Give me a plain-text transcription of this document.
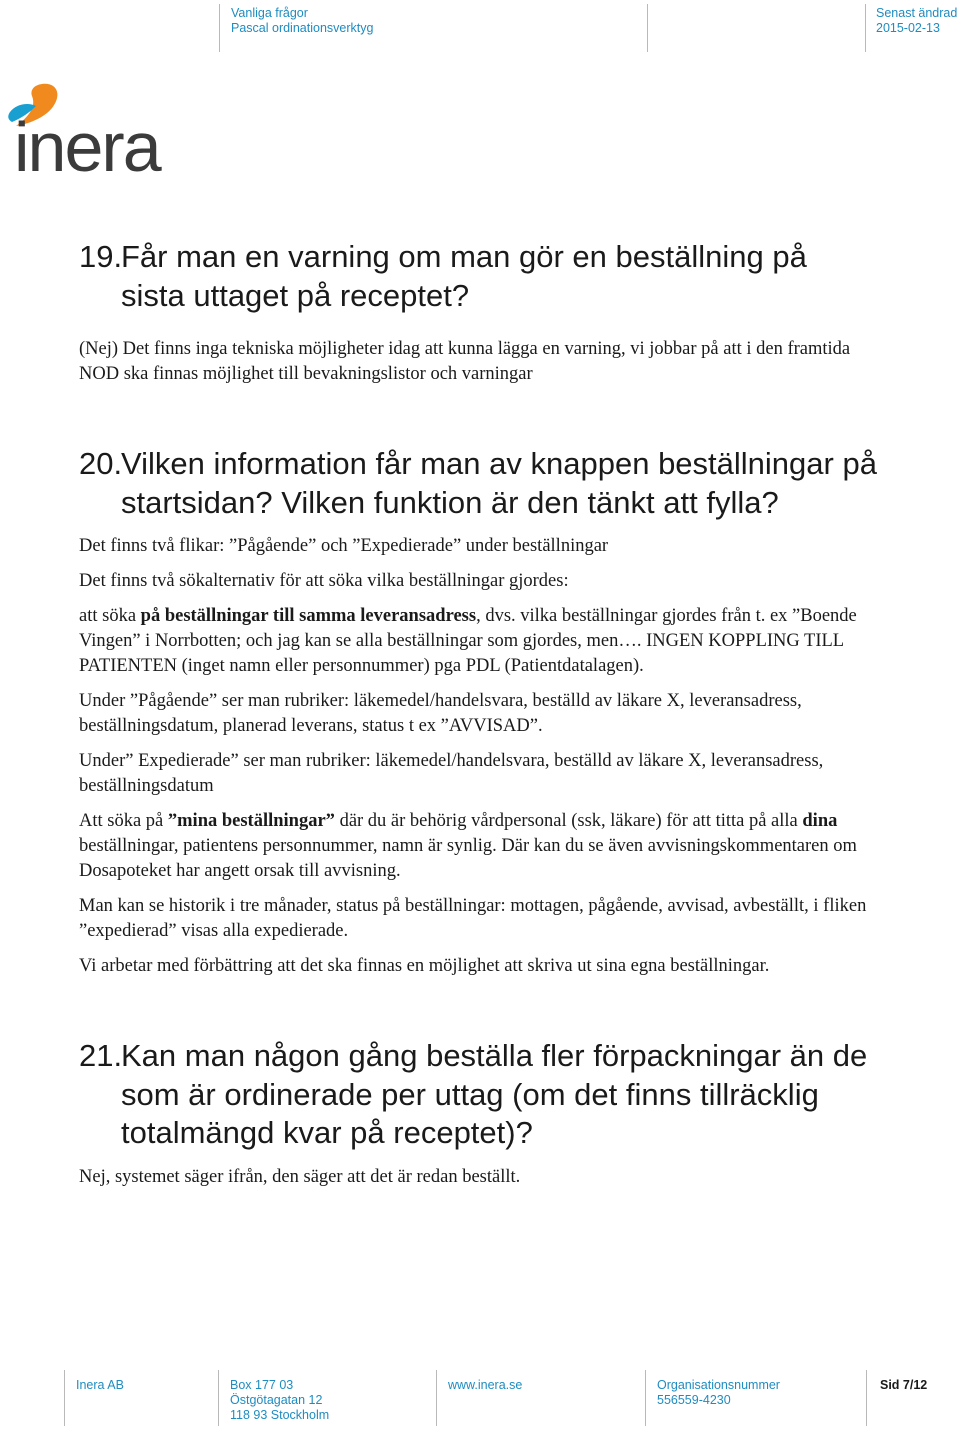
Vanliga frågor
Pascal ordinationsverktyg
Senast ändrad
2015-02-13
inera
19.
Får man en varning om man gör en beställning på sista uttaget på receptet?

(Nej) Det finns inga tekniska möjligheter idag att kunna lägga en varning, vi jobbar på att i den framtida NOD ska finnas möjlighet till bevakningslistor och varningar

20.
Vilken information får man av knappen beställningar på startsidan? Vilken funktion är den tänkt att fylla?

Det finns två flikar: ”Pågående” och ”Expedierade” under beställningar

Det finns två sökalternativ för att söka vilka beställningar gjordes:

att söka på beställningar till samma leveransadress, dvs. vilka beställningar gjordes från t. ex ”Boende Vingen” i Norrbotten; och jag kan se alla beställningar som gjordes, men…. INGEN KOPPLING TILL PATIENTEN (inget namn eller personnummer) pga PDL (Patientdatalagen).

Under ”Pågående” ser man rubriker: läkemedel/handelsvara, beställd av läkare X, leveransadress, beställningsdatum, planerad leverans, status t ex ”AVVISAD”.

Under” Expedierade” ser man rubriker: läkemedel/handelsvara, beställd av läkare X, leveransadress, beställningsdatum

Att söka på ”mina beställningar” där du är behörig vårdpersonal (ssk, läkare) för att titta på alla dina beställningar, patientens personnummer, namn är synlig. Där kan du se även avvisningskommentaren om Dosapoteket har angett orsak till avvisning.

Man kan se historik i tre månader, status på beställningar: mottagen, pågående, avvisad, avbeställt, i fliken ”expedierad” visas alla expedierade.

Vi arbetar med förbättring att det ska finnas en möjlighet att skriva ut sina egna beställningar.

21.
Kan man någon gång beställa fler förpackningar än de som är ordinerade per uttag (om det finns tillräcklig totalmängd kvar på receptet)?

Nej, systemet säger ifrån, den säger att det är redan beställt.

Inera AB	Box 177 03
Östgötagatan 12
118 93 Stockholm
www.inera.se	Organisationsnummer
556559-4230
Sid 7/12
